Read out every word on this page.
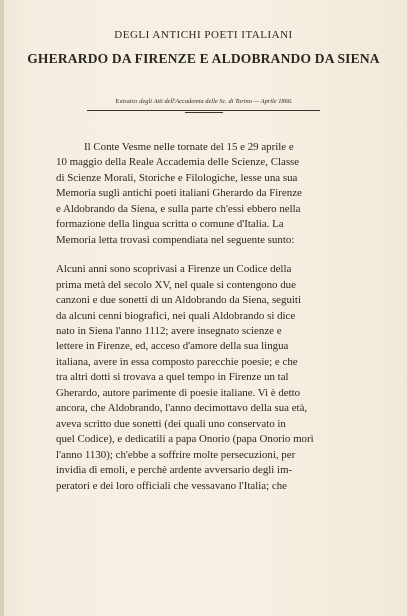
DEGLI ANTICHI POETI ITALIANI
GHERARDO DA FIRENZE E ALDOBRANDO DA SIENA
Estratto degli Atti dell'Accademia delle Sc. di Torino — Aprile 1866.

Il Conte Vesme nelle tornate del 15 e 29 aprile e
10 maggio della Reale Accademia delle Scienze, Classe
di Scienze Morali, Storiche e Filologiche, lesse una sua
Memoria sugli antichi poeti italiani Gherardo da Firenze
e Aldobrando da Siena, e sulla parte ch'essi ebbero nella
formazione della lingua scritta o comune d'Italia. La
Memoria letta trovasi compendiata nel seguente sunto:

Alcuni anni sono scoprivasi a Firenze un Codice della
prima metà del secolo XV, nel quale si contengono due
canzoni e due sonetti di un Aldobrando da Siena, seguiti
da alcuni cenni biografici, nei quali Aldobrando si dice
nato in Siena l'anno 1112; avere insegnato scienze e
lettere in Firenze, ed, acceso d'amore della sua lingua
italiana, avere in essa composto parecchie poesie; e che
tra altri dotti si trovava a quel tempo in Firenze un tal
Gherardo, autore parimente di poesie italiane. Vi è detto
ancora, che Aldobrando, l'anno decimottavo della sua età,
aveva scritto due sonetti (dei quali uno conservato in
quel Codice), e dedicatili a papa Onorio (papa Onorio morì
l'anno 1130); ch'ebbe a soffrire molte persecuzioni, per
invidia di emoli, e perchè ardente avversario degli im-
peratori e dei loro officiali che vessavano l'Italia; che
